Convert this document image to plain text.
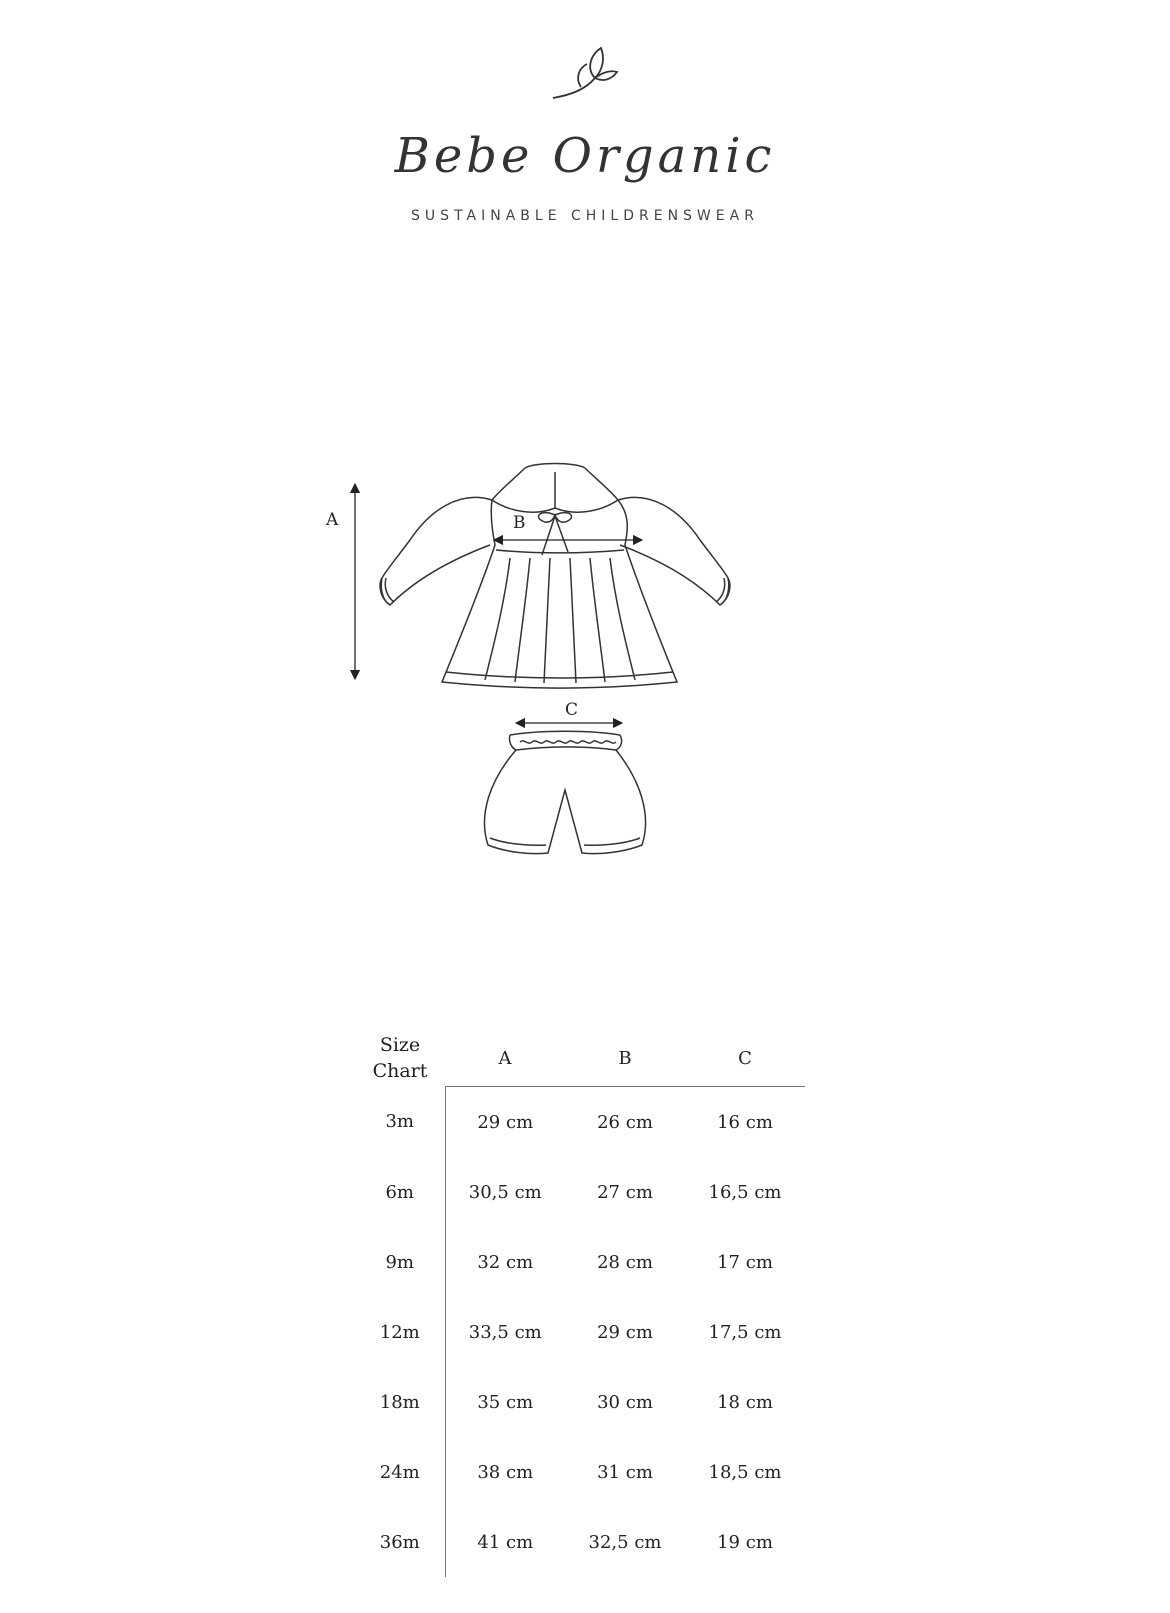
Bebe Organic
SUSTAINABLE CHILDRENSWEAR
A	B
C
Size
Chart	A	B	C
3m	29 cm	26 cm	16 cm
6m	30,5 cm	27 cm	16,5 cm
9m	32 cm	28 cm	17 cm
12m	33,5 cm	29 cm	17,5 cm
18m	35 cm	30 cm	18 cm
24m	38 cm	31 cm	18,5 cm
36m	41 cm	32,5 cm	19 cm
